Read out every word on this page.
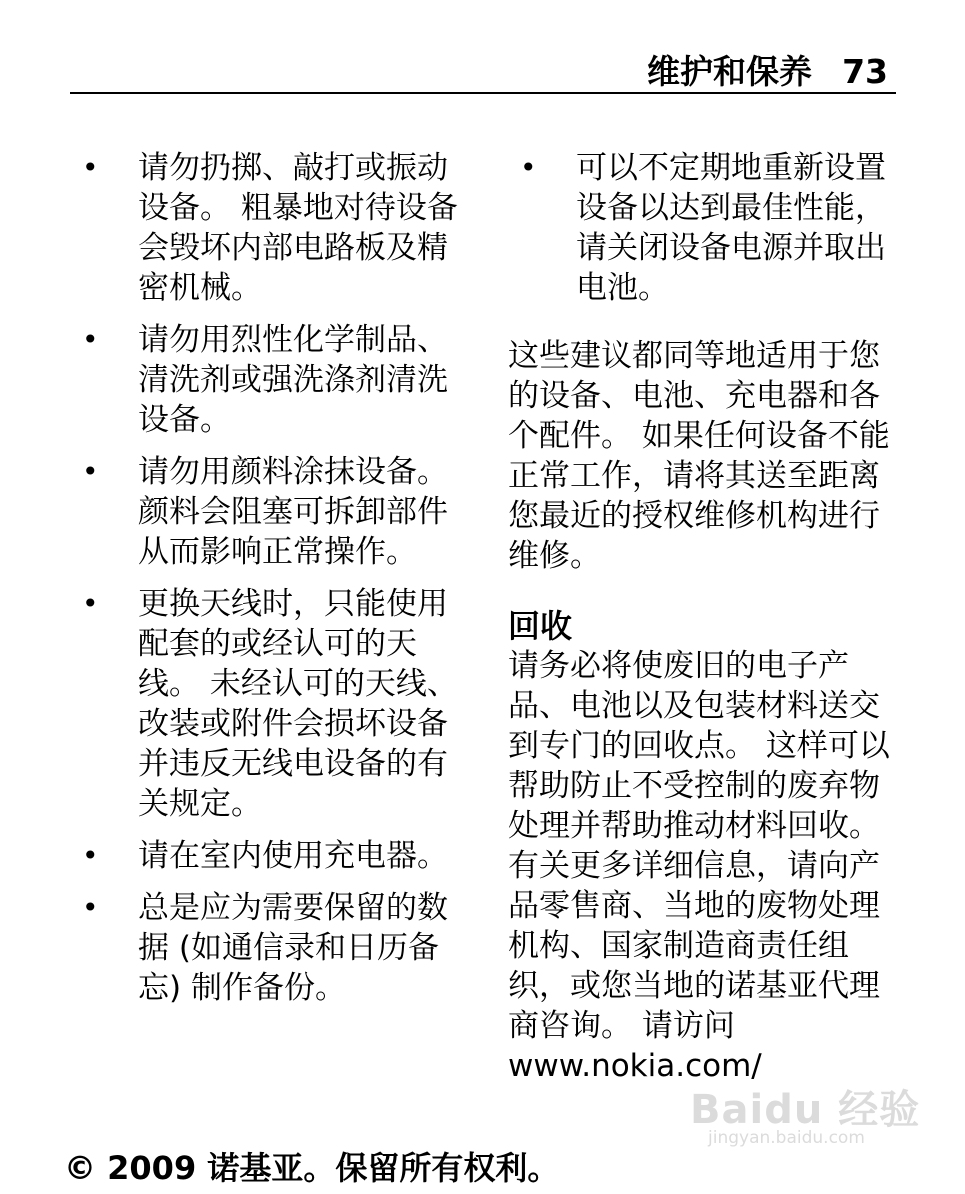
维护和保养 73
• 请勿扔掷、敲打或振动设备。 粗暴地对待设备会毁坏内部电路板及精密机械。
• 请勿用烈性化学制品、清洗剂或强洗涤剂清洗设备。
• 请勿用颜料涂抹设备。 颜料会阻塞可拆卸部件从而影响正常操作。
• 更换天线时，只能使用配套的或经认可的天线。 未经认可的天线、改装或附件会损坏设备并违反无线电设备的有关规定。
• 请在室内使用充电器。
• 总是应为需要保留的数据 (如通信录和日历备忘) 制作备份。
• 可以不定期地重新设置设备以达到最佳性能，请关闭设备电源并取出电池。

这些建议都同等地适用于您的设备、电池、充电器和各个配件。 如果任何设备不能正常工作，请将其送至距离您最近的授权维修机构进行维修。

回收

请务必将使废旧的电子产品、电池以及包装材料送交到专门的回收点。 这样可以帮助防止不受控制的废弃物处理并帮助推动材料回收。 有关更多详细信息，请向产品零售商、当地的废物处理机构、国家制造商责任组织，或您当地的诺基亚代理商咨询。 请访问 www.nokia.com/

© 2009 诺基亚。保留所有权利。
Baidu 经验
jingyan.baidu.com
